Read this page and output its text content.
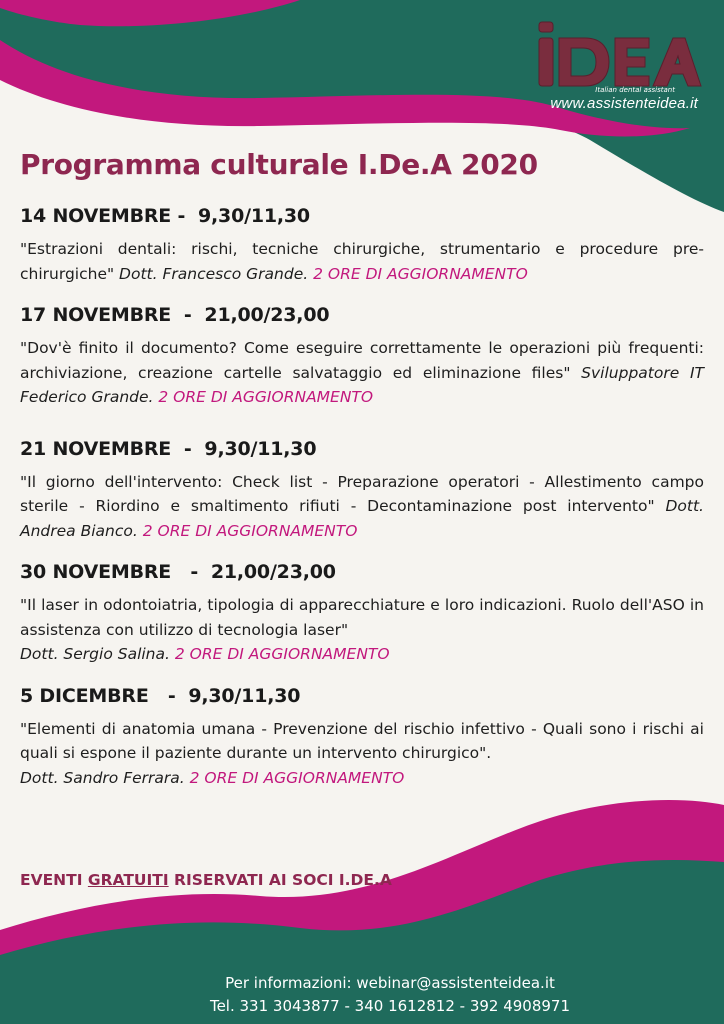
Italian dental assistant
www.assistenteidea.it
Programma culturale I.De.A 2020
14 NOVEMBRE -  9,30/11,30

"Estrazioni dentali: rischi, tecniche chirurgiche, strumentario e procedure pre-chirurgiche" Dott. Francesco Grande. 2 ORE DI AGGIORNAMENTO

17 NOVEMBRE  -  21,00/23,00

"Dov'è finito il documento? Come eseguire correttamente le operazioni più frequenti: archiviazione, creazione cartelle salvataggio ed eliminazione files" Sviluppatore IT Federico Grande. 2 ORE DI AGGIORNAMENTO

21 NOVEMBRE  -  9,30/11,30

"Il giorno dell'intervento: Check list - Preparazione operatori - Allestimento campo sterile - Riordino e smaltimento rifiuti - Decontaminazione post intervento" Dott. Andrea Bianco. 2 ORE DI AGGIORNAMENTO

30 NOVEMBRE   -  21,00/23,00

"Il laser in odontoiatria, tipologia di apparecchiature e loro indicazioni. Ruolo dell'ASO in assistenza con utilizzo di tecnologia laser"
Dott. Sergio Salina. 2 ORE DI AGGIORNAMENTO

5 DICEMBRE   -  9,30/11,30

"Elementi di anatomia umana - Prevenzione del rischio infettivo - Quali sono i rischi ai quali si espone il paziente durante un intervento chirurgico".
Dott. Sandro Ferrara. 2 ORE DI AGGIORNAMENTO

EVENTI GRATUITI RISERVATI AI SOCI I.DE.A
Per informazioni: webinar@assistenteidea.it
Tel. 331 3043877 - 340 1612812 - 392 4908971
